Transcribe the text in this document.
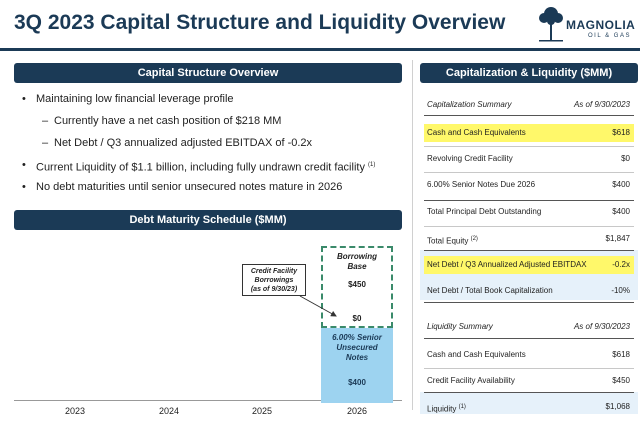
3Q 2023 Capital Structure and Liquidity Overview	MAGNOLIA
OIL & GAS
Capital Structure Overview
• Maintaining low financial leverage profile
– Currently have a net cash position of $218 MM
– Net Debt / Q3 annualized adjusted EBITDAX of -0.2x
• Current Liquidity of $1.1 billion, including fully undrawn credit facility $^{(1)}$
• No debt maturities until senior unsecured notes mature in 2026
Debt Maturity Schedule ($MM)
2023	2024	2025	2026
Borrowing
Base
$450
$0
6.00% Senior
Unsecured
Notes
$400
Credit Facility
Borrowings
(as of 9/30/23)
Capitalization & Liquidity ($MM)
Capitalization Summary	As of 9/30/2023
Cash and Cash Equivalents	$618
Revolving Credit Facility	$0
6.00% Senior Notes Due 2026	$400
Total Principal Debt Outstanding	$400
Total Equity $^{(2)}$	$1,847
Net Debt / Q3 Annualized Adjusted EBITDAX	-0.2x
Net Debt / Total Book Capitalization	-10%
Liquidity Summary	As of 9/30/2023
Cash and Cash Equivalents	$618
Credit Facility Availability	$450
Liquidity $^{(1)}$	$1,068
